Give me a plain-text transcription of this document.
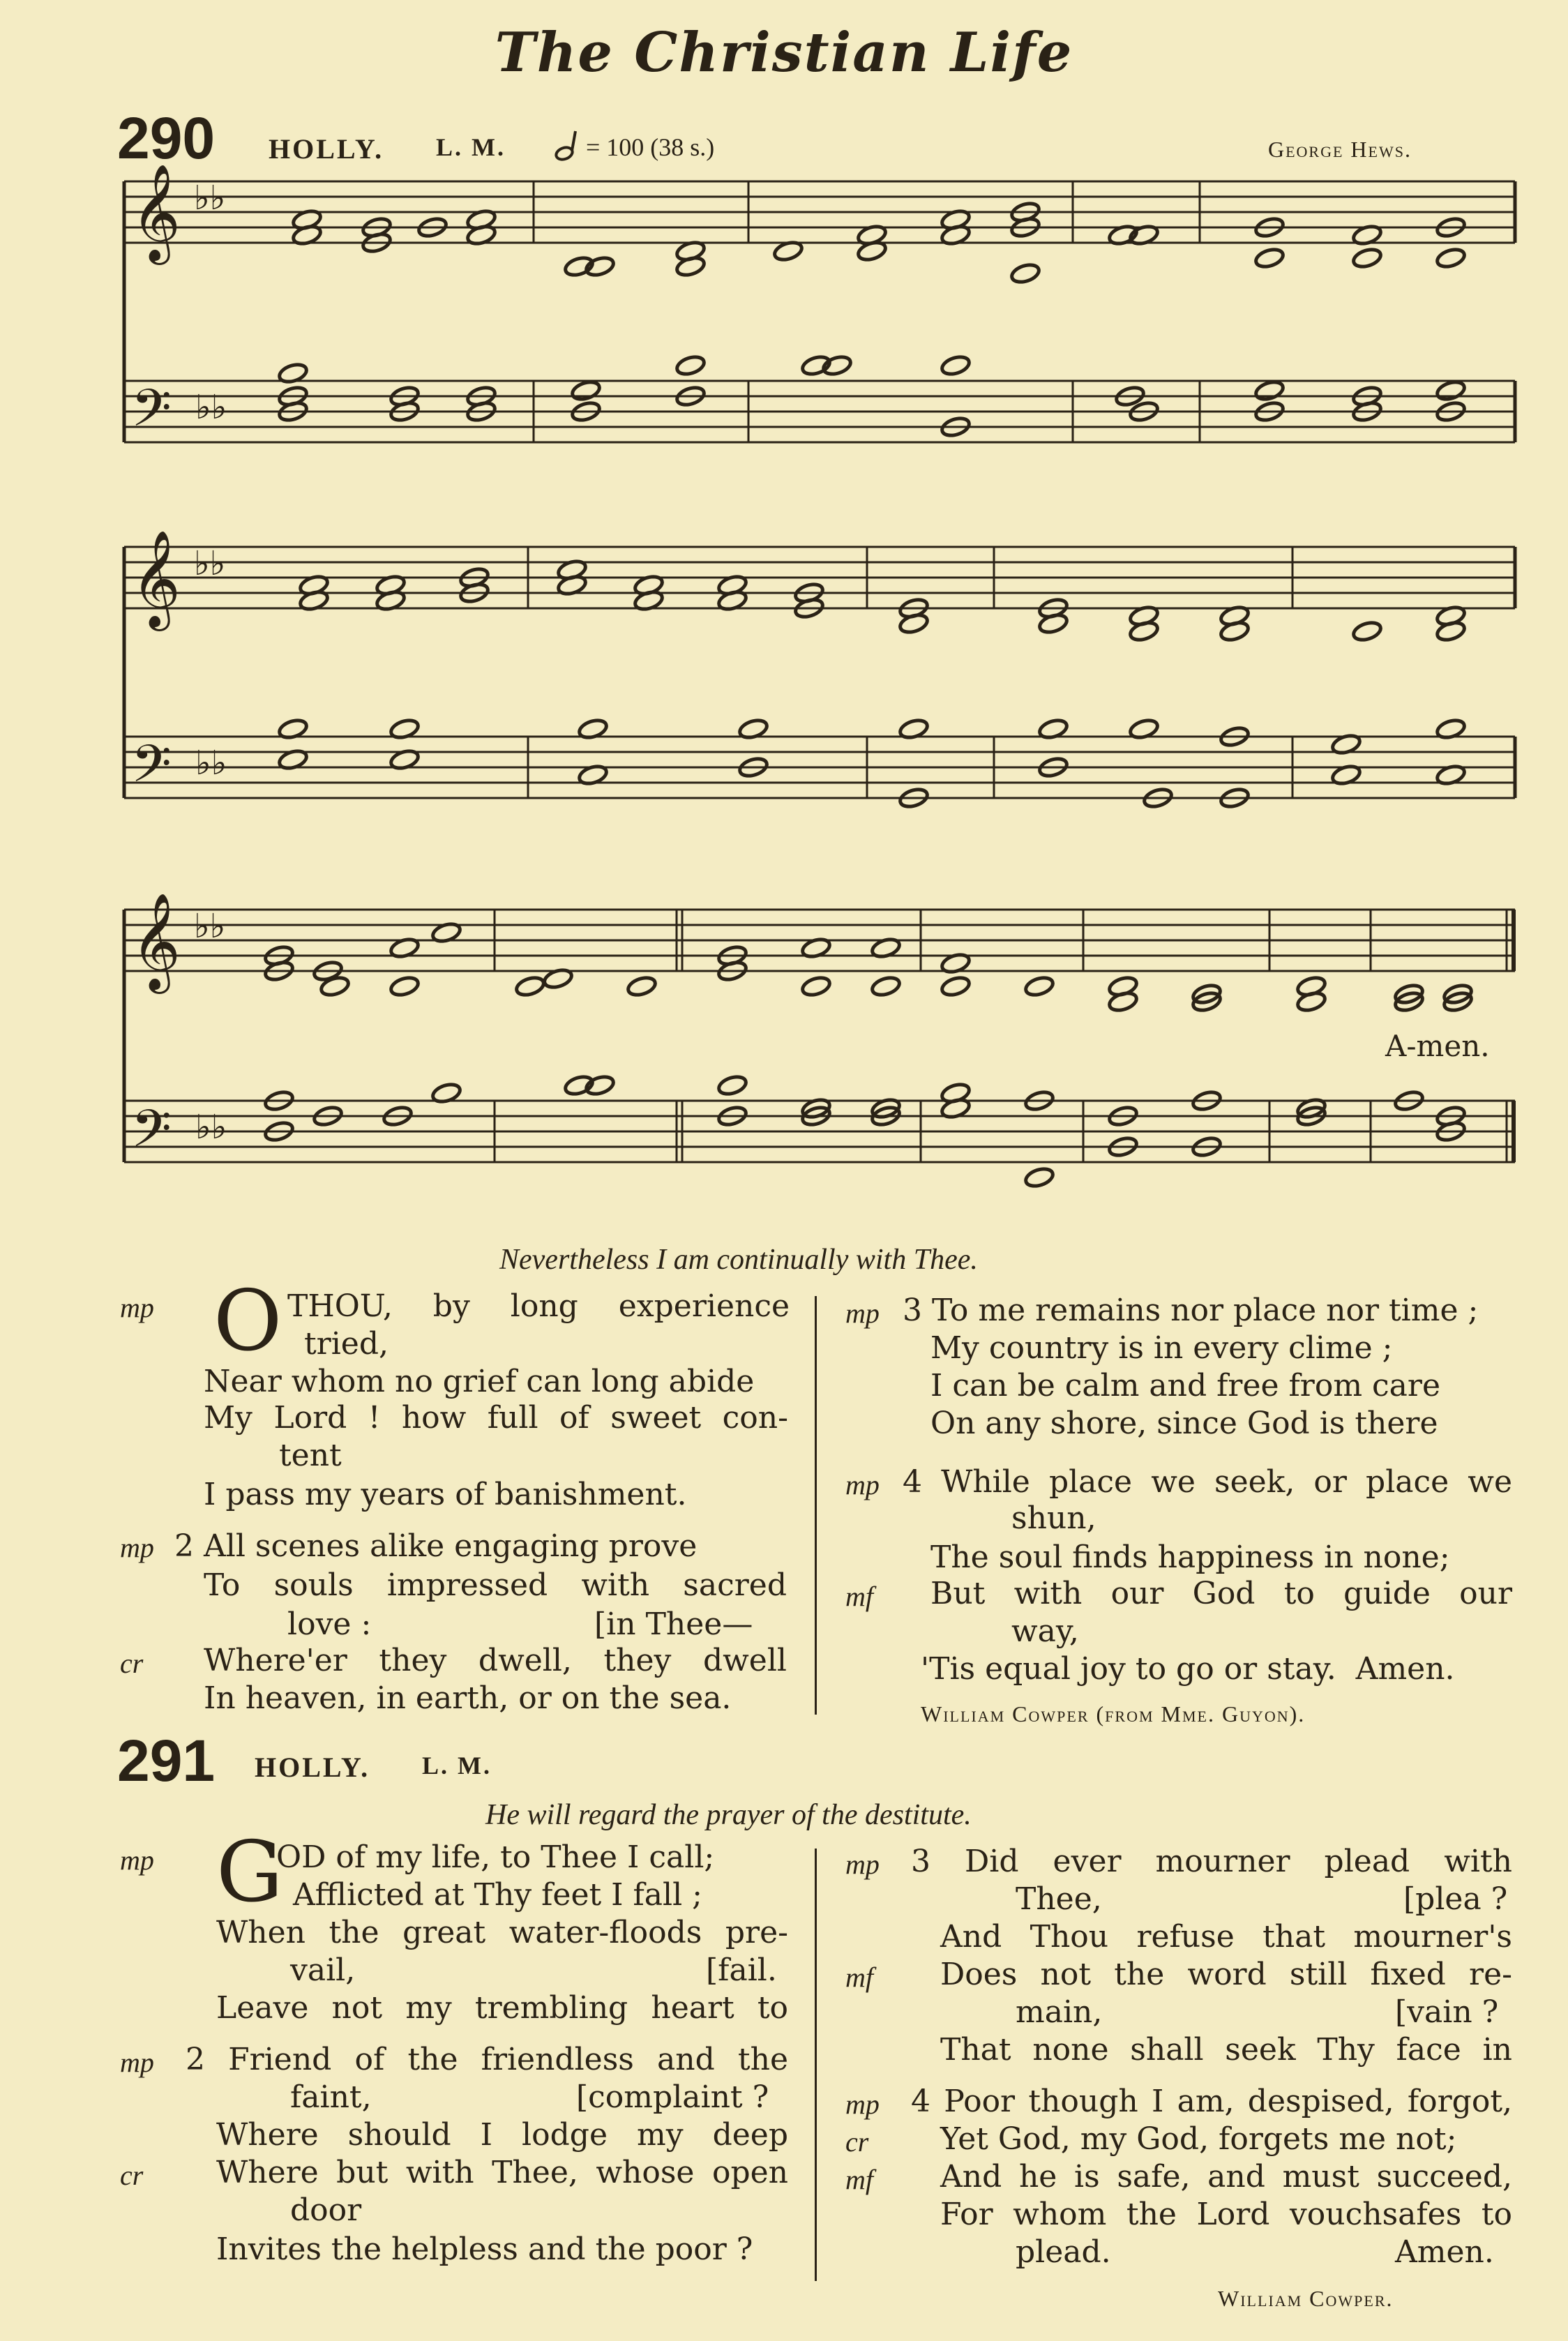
The Christian Life
290 HOLLY. L. M.	= 100 (38 s.)	George Hews.
𝄞
𝄢
♭♭
♭♭
𝄞
𝄢
♭♭
♭♭
𝄞
𝄢
♭♭
♭♭
A-men.
Nevertheless I am continually with Thee.
mp O THOU, by long experience
tried,
Near whom no grief can long abide
My Lord ! how full of sweet con-
tent
I pass my years of banishment.
mp 2 All scenes alike engaging prove
To souls impressed with sacred
love :	[in Thee—
cr Where'er they dwell, they dwell
In heaven, in earth, or on the sea.
mp 3 To me remains nor place nor time ;
My country is in every clime ;
I can be calm and free from care
On any shore, since God is there
mp 4 While place we seek, or place we
shun,
The soul finds happiness in none;
mf But with our God to guide our
way,
'Tis equal joy to go or stay.  Amen.
William Cowper (from Mme. Guyon).
291 HOLLY. L. M.
He will regard the prayer of the destitute.
mp G
OD of my life, to Thee I call;
Afflicted at Thy feet I fall ;
When the great water-floods pre-
vail,	[fail.
Leave not my trembling heart to
mp 2 Friend of the friendless and the
faint,	[complaint ?
Where should I lodge my deep
cr Where but with Thee, whose open
door
Invites the helpless and the poor ?
mp 3 Did ever mourner plead with
Thee,	[plea ?
And Thou refuse that mourner's
mf Does not the word still fixed re-
main,	[vain ?
That none shall seek Thy face in
mp 4 Poor though I am, despised, forgot,
cr Yet God, my God, forgets me not;
mf And he is safe, and must succeed,
For whom the Lord vouchsafes to
plead.	Amen.
William Cowper.
